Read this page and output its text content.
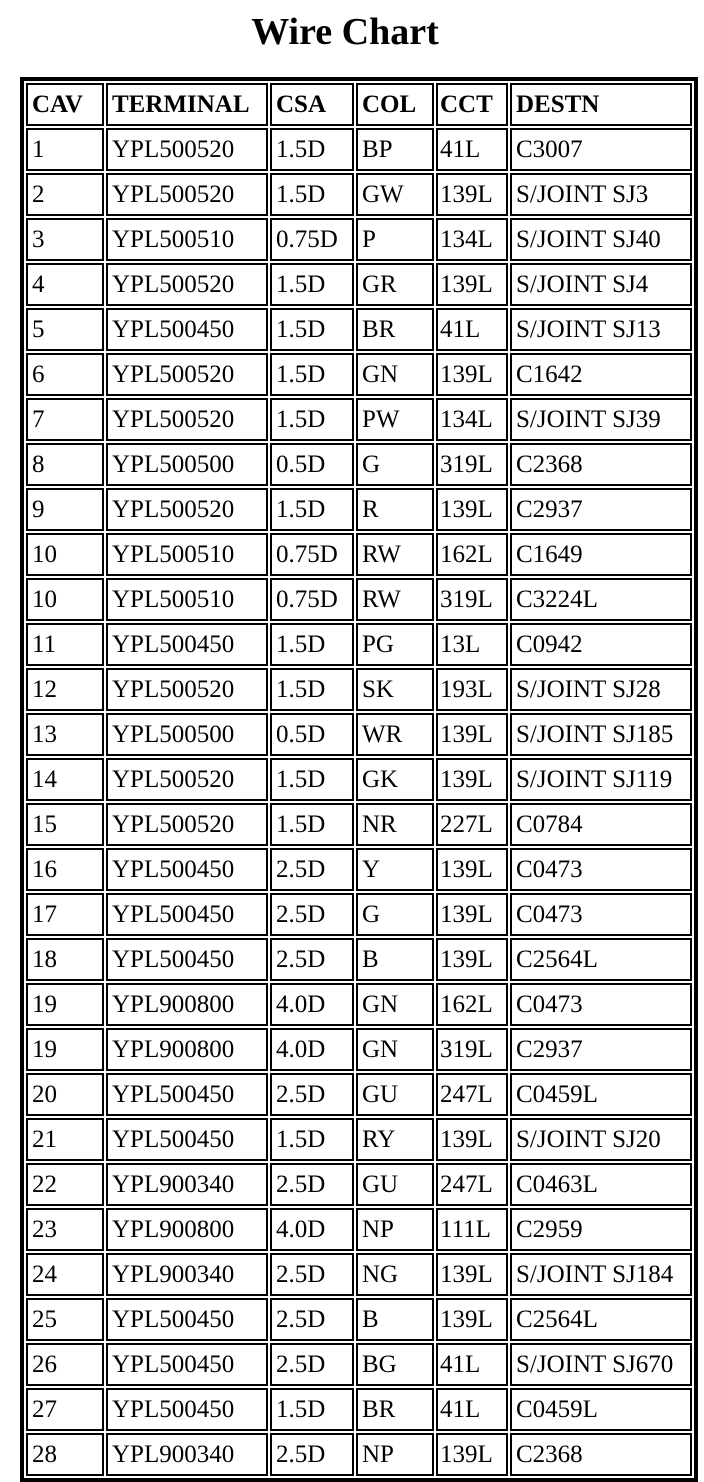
Wire Chart
CAV	TERMINAL	CSA	COL	CCT	DESTN
1	YPL500520	1.5D	BP	41L	C3007
2	YPL500520	1.5D	GW	139L	S/JOINT SJ3
3	YPL500510	0.75D	P	134L	S/JOINT SJ40
4	YPL500520	1.5D	GR	139L	S/JOINT SJ4
5	YPL500450	1.5D	BR	41L	S/JOINT SJ13
6	YPL500520	1.5D	GN	139L	C1642
7	YPL500520	1.5D	PW	134L	S/JOINT SJ39
8	YPL500500	0.5D	G	319L	C2368
9	YPL500520	1.5D	R	139L	C2937
10	YPL500510	0.75D	RW	162L	C1649
10	YPL500510	0.75D	RW	319L	C3224L
11	YPL500450	1.5D	PG	13L	C0942
12	YPL500520	1.5D	SK	193L	S/JOINT SJ28
13	YPL500500	0.5D	WR	139L	S/JOINT SJ185
14	YPL500520	1.5D	GK	139L	S/JOINT SJ119
15	YPL500520	1.5D	NR	227L	C0784
16	YPL500450	2.5D	Y	139L	C0473
17	YPL500450	2.5D	G	139L	C0473
18	YPL500450	2.5D	B	139L	C2564L
19	YPL900800	4.0D	GN	162L	C0473
19	YPL900800	4.0D	GN	319L	C2937
20	YPL500450	2.5D	GU	247L	C0459L
21	YPL500450	1.5D	RY	139L	S/JOINT SJ20
22	YPL900340	2.5D	GU	247L	C0463L
23	YPL900800	4.0D	NP	111L	C2959
24	YPL900340	2.5D	NG	139L	S/JOINT SJ184
25	YPL500450	2.5D	B	139L	C2564L
26	YPL500450	2.5D	BG	41L	S/JOINT SJ670
27	YPL500450	1.5D	BR	41L	C0459L
28	YPL900340	2.5D	NP	139L	C2368
